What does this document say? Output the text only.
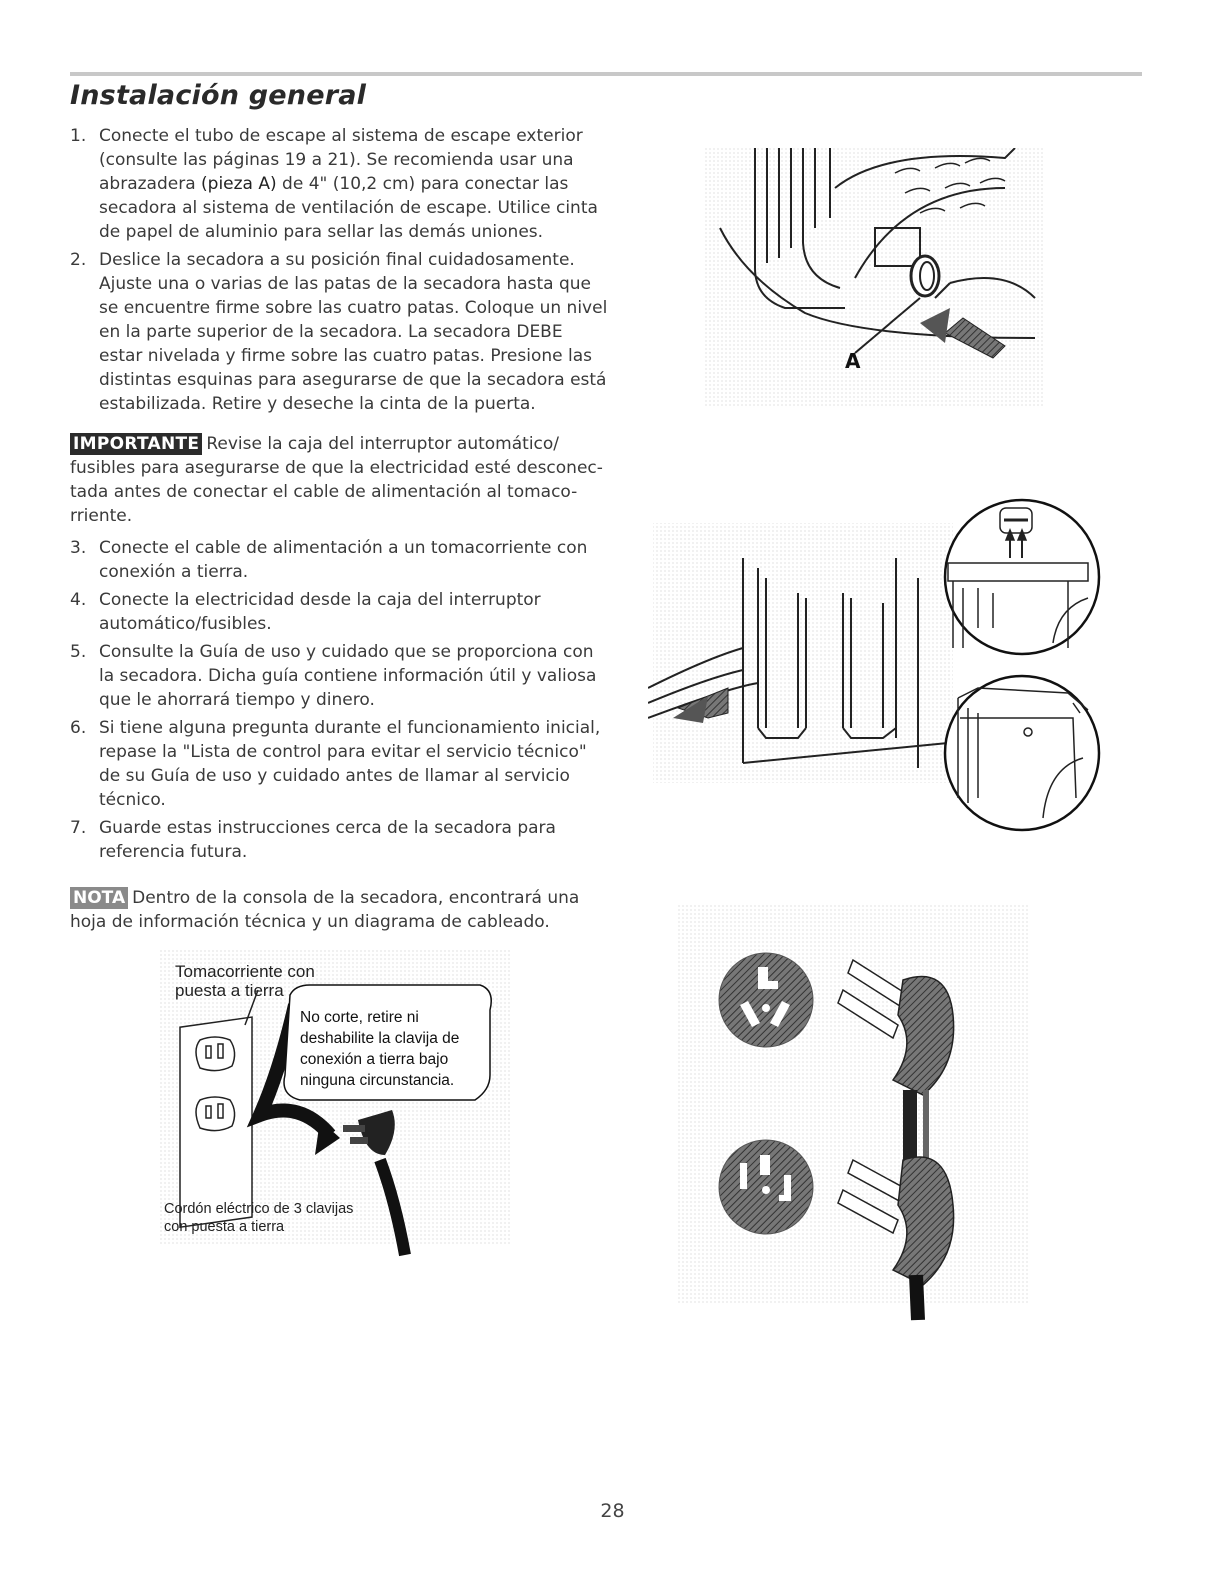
Instalación general
1. Conecte el tubo de escape al sistema de escape exterior (consulte las páginas 19 a 21). Se recomienda usar una abrazadera (pieza A) de 4" (10,2 cm) para conectar las secadora al sistema de ventilación de escape. Utilice cinta de papel de aluminio para sellar las demás uniones.
2. Deslice la secadora a su posición final cuidadosamente. Ajuste una o varias de las patas de la secadora hasta que se encuentre firme sobre las cuatro patas. Coloque un nivel en la parte superior de la secadora. La secadora DEBE estar nivelada y firme sobre las cuatro patas. Presione las distintas esquinas para asegurarse de que la secadora está estabilizada. Retire y deseche la cinta de la puerta.
IMPORTANTE Revise la caja del interruptor automático/ fusibles para asegurarse de que la electricidad esté desconec- tada antes de conectar el cable de alimentación al tomaco- rriente.
3. Conecte el cable de alimentación a un tomacorriente con conexión a tierra.
4. Conecte la electricidad desde la caja del interruptor automático/fusibles.
5. Consulte la Guía de uso y cuidado que se proporciona con la secadora. Dicha guía contiene información útil y valiosa que le ahorrará tiempo y dinero.
6. Si tiene alguna pregunta durante el funcionamiento inicial, repase la "Lista de control para evitar el servicio técnico" de su Guía de uso y cuidado antes de llamar al servicio técnico.
7. Guarde estas instrucciones cerca de la secadora para referencia futura.
NOTA Dentro de la consola de la secadora, encontrará una hoja de información técnica y un diagrama de cableado.
A
Tomacorriente con
puesta a tierra
No corte, retire ni
deshabilite la clavija de
conexión a tierra bajo
ninguna circunstancia.
Cordón eléctrico de 3 clavijas
con puesta a tierra
28
